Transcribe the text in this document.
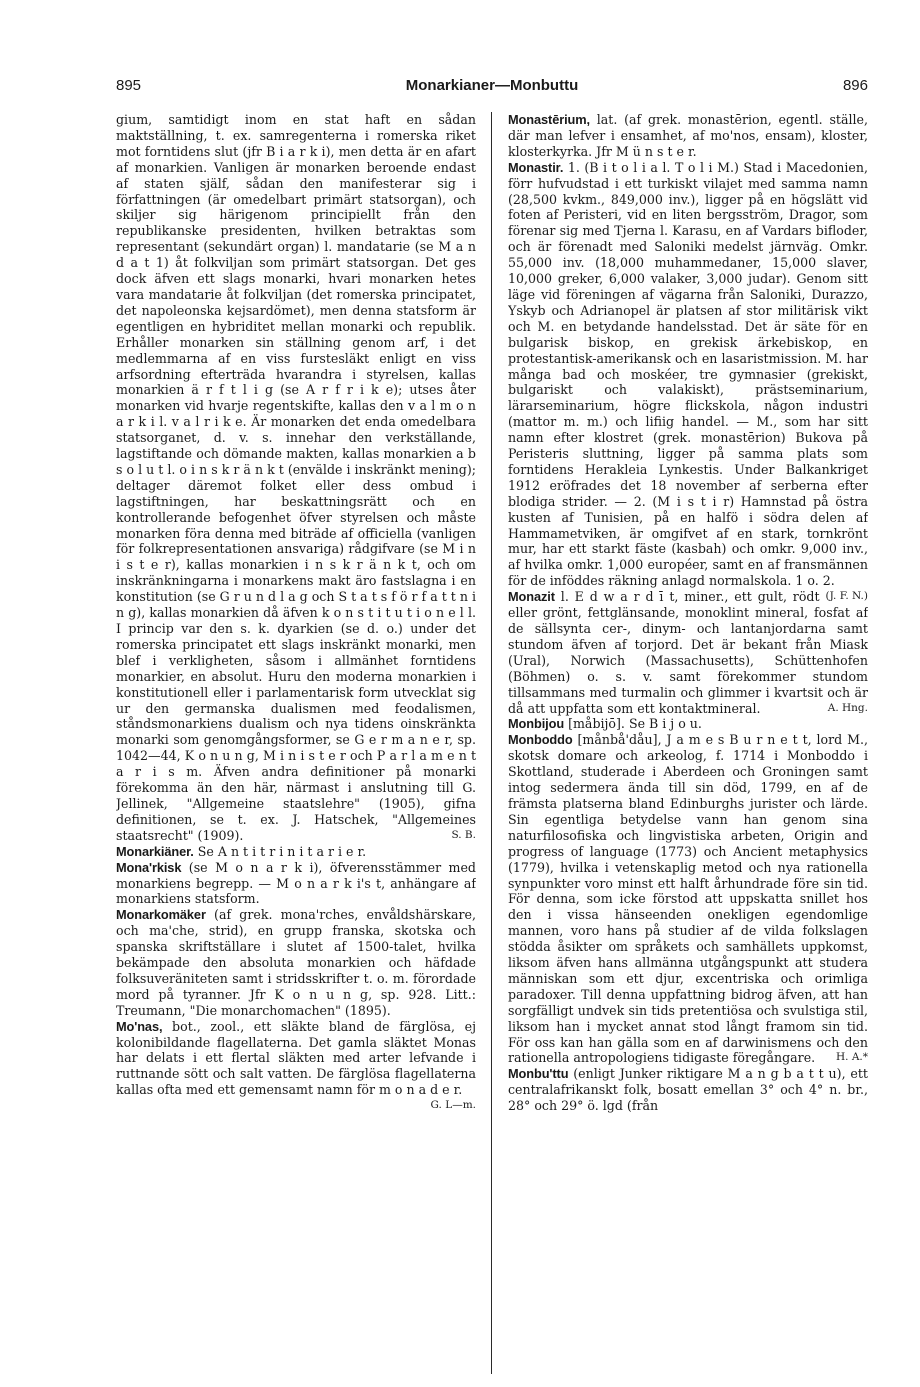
895	Monarkianer—Monbuttu	896

gium, samtidigt inom en stat haft en sådan maktställning, t. ex. samregenterna i romerska riket mot forntidens slut (jfr B i a r k i), men detta är en afart af monarkien. Vanligen är monarken beroende endast af staten själf, sådan den manifesterar sig i författningen (är omedelbart primärt statsorgan), och skiljer sig härigenom principiellt från den republikanske presidenten, hvilken betraktas som representant (sekundärt organ) l. mandatarie (se M a n d a t 1) åt folkviljan som primärt statsorgan. Det ges dock äfven ett slags monarki, hvari monarken hetes vara mandatarie åt folkviljan (det romerska principatet, det napoleonska kejsardömet), men denna statsform är egentligen en hybriditet mellan monarki och republik. Erhåller monarken sin ställning genom arf, i det medlemmarna af en viss furstesläkt enligt en viss arfsordning efterträda hvarandra i styrelsen, kallas monarkien ä r f t l i g (se A r f r i k e); utses åter monarken vid hvarje regentskifte, kallas den v a l m o n a r k i l. v a l r i k e. Är monarken det enda omedelbara statsorganet, d. v. s. innehar den verkställande, lagstiftande och dömande makten, kallas monarkien a b s o l u t l. o i n s k r ä n k t (envälde i inskränkt mening); deltager däremot folket eller dess ombud i lagstiftningen, har beskattningsrätt och en kontrollerande befogenhet öfver styrelsen och måste monarken föra denna med biträde af officiella (vanligen för folkrepresentationen ansvariga) rådgifvare (se M i n i s t e r), kallas monarkien i n s k r ä n k t, och om inskränkningarna i monarkens makt äro fastslagna i en konstitution (se G r u n d l a g och S t a t s f ö r f a t t n i n g), kallas monarkien då äfven k o n s t i t u t i o n e l l. I princip var den s. k. dyarkien (se d. o.) under det romerska principatet ett slags inskränkt monarki, men blef i verkligheten, såsom i allmänhet forntidens monarkier, en absolut. Huru den moderna monarkien i konstitutionell eller i parlamentarisk form utvecklat sig ur den germanska dualismen med feodalismen, ståndsmonarkiens dualism och nya tidens oinskränkta monarki som genomgångsformer, se G e r m a n e r, sp. 1042—44, K o n u n g, M i n i s t e r och P a r l a m e n t a r i s m. Äfven andra definitioner på monarki förekomma än den här, närmast i anslutning till G. Jellinek, "Allgemeine staatslehre" (1905), gifna definitionen, se t. ex. J. Hatschek, "Allgemeines staatsrecht" (1909).	S. B.

Monarkiäner. Se A n t i t r i n i t a r i e r.

Mona'rkisk (se M o n a r k i), öfverensstämmer med monarkiens begrepp. — M o n a r k i's t, anhängare af monarkiens statsform.

Monarkomäker (af grek. mona'rches, envåldshärskare, och ma'che, strid), en grupp franska, skotska och spanska skriftställare i slutet af 1500-talet, hvilka bekämpade den absoluta monarkien och häfdade folksuveräniteten samt i stridsskrifter t. o. m. förordade mord på tyranner. Jfr K o n u n g, sp. 928. Litt.: Treumann, "Die monarchomachen" (1895).

Mo'nas, bot., zool., ett släkte bland de färglösa, ej kolonibildande flagellaterna. Det gamla släktet Monas har delats i ett flertal släkten med arter lefvande i ruttnande sött och salt vatten. De färglösa flagellaterna kallas ofta med ett gemensamt namn för m o n a d e r.
G. L—m.

Monastērium, lat. (af grek. monastērion, egentl. ställe, där man lefver i ensamhet, af mo'nos, ensam), kloster, klosterkyrka. Jfr M ü n s t e r.

Monastir. 1. (B i t o l i a l. T o l i M.) Stad i Macedonien, förr hufvudstad i ett turkiskt vilajet med samma namn (28,500 kvkm., 849,000 inv.), ligger på en högslätt vid foten af Peristeri, vid en liten bergsström, Dragor, som förenar sig med Tjerna l. Karasu, en af Vardars bifloder, och är förenadt med Saloniki medelst järnväg. Omkr. 55,000 inv. (18,000 muhammedaner, 15,000 slaver, 10,000 greker, 6,000 valaker, 3,000 judar). Genom sitt läge vid föreningen af vägarna från Saloniki, Durazzo, Yskyb och Adrianopel är platsen af stor militärisk vikt och M. en betydande handelsstad. Det är säte för en bulgarisk biskop, en grekisk ärkebiskop, en protestantisk-amerikansk och en lasaristmission. M. har många bad och moskéer, tre gymnasier (grekiskt, bulgariskt och valakiskt), prästseminarium, lärarseminarium, högre flickskola, någon industri (mattor m. m.) och lifiig handel. — M., som har sitt namn efter klostret (grek. monastērion) Bukova på Peristeris sluttning, ligger på samma plats som forntidens Herakleia Lynkestis. Under Balkankriget 1912 eröfrades det 18 november af serberna efter blodiga strider. — 2. (M i s t i r) Hamnstad på östra kusten af Tunisien, på en halfö i södra delen af Hammametviken, är omgifvet af en stark, tornkrönt mur, har ett starkt fäste (kasbah) och omkr. 9,000 inv., af hvilka omkr. 1,000 européer, samt en af fransmännen för de inföddes räkning anlagd normalskola. 1 o. 2.
(J. F. N.)

Monazit l. E d w a r d ī t, miner., ett gult, rödt eller grönt, fettglänsande, monoklint mineral, fosfat af de sällsynta cer-, dinym- och lantanjordarna samt stundom äfven af torjord. Det är bekant från Miask (Ural), Norwich (Massachusetts), Schüttenhofen (Böhmen) o. s. v. samt förekommer stundom tillsammans med turmalin och glimmer i kvartsit och är då att uppfatta som ett kontaktmineral.	A. Hng.

Monbijou [måbijō]. Se B i j o u.

Monboddo [månbå'dåu], J a m e s B u r n e t t, lord M., skotsk domare och arkeolog, f. 1714 i Monboddo i Skottland, studerade i Aberdeen och Groningen samt intog sedermera ända till sin död, 1799, en af de främsta platserna bland Edinburghs jurister och lärde. Sin egentliga betydelse vann han genom sina naturfilosofiska och lingvistiska arbeten, Origin and progress of language (1773) och Ancient metaphysics (1779), hvilka i vetenskaplig metod och nya rationella synpunkter voro minst ett halft århundrade före sin tid. För denna, som icke förstod att uppskatta snillet hos den i vissa hänseenden onekligen egendomlige mannen, voro hans på studier af de vilda folkslagen stödda åsikter om språkets och samhällets uppkomst, liksom äfven hans allmänna utgångspunkt att studera människan som ett djur, excentriska och orimliga paradoxer. Till denna uppfattning bidrog äfven, att han sorgfälligt undvek sin tids pretentiösa och svulstiga stil, liksom han i mycket annat stod långt framom sin tid. För oss kan han gälla som en af darwinismens och den rationella antropologiens tidigaste föregångare. H. A.*

Monbu'ttu (enligt Junker riktigare M a n g b a t t u), ett centralafrikanskt folk, bosatt emellan 3° och 4° n. br., 28° och 29° ö. lgd (från
